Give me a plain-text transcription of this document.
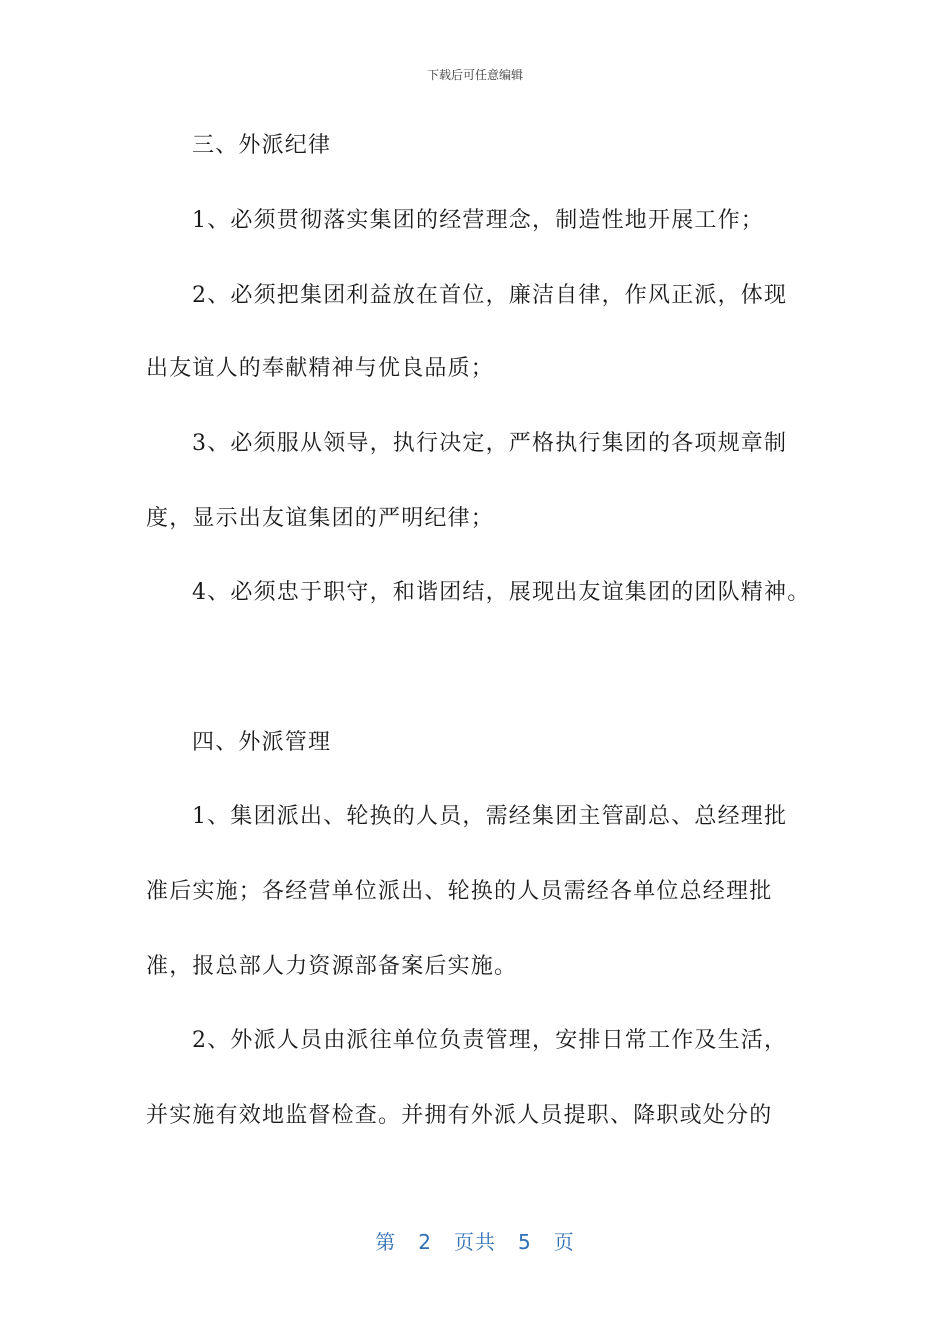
下载后可任意编辑
三、外派纪律
1、必须贯彻落实集团的经营理念，制造性地开展工作；
2、必须把集团利益放在首位，廉洁自律，作风正派，体现
出友谊人的奉献精神与优良品质；
3、必须服从领导，执行决定，严格执行集团的各项规章制
度，显示出友谊集团的严明纪律；
4、必须忠于职守，和谐团结，展现出友谊集团的团队精神。
四、外派管理
1、集团派出、轮换的人员，需经集团主管副总、总经理批
准后实施；各经营单位派出、轮换的人员需经各单位总经理批
准，报总部人力资源部备案后实施。
2、外派人员由派往单位负责管理，安排日常工作及生活，
并实施有效地监督检查。并拥有外派人员提职、降职或处分的
第 2 页共 5 页
